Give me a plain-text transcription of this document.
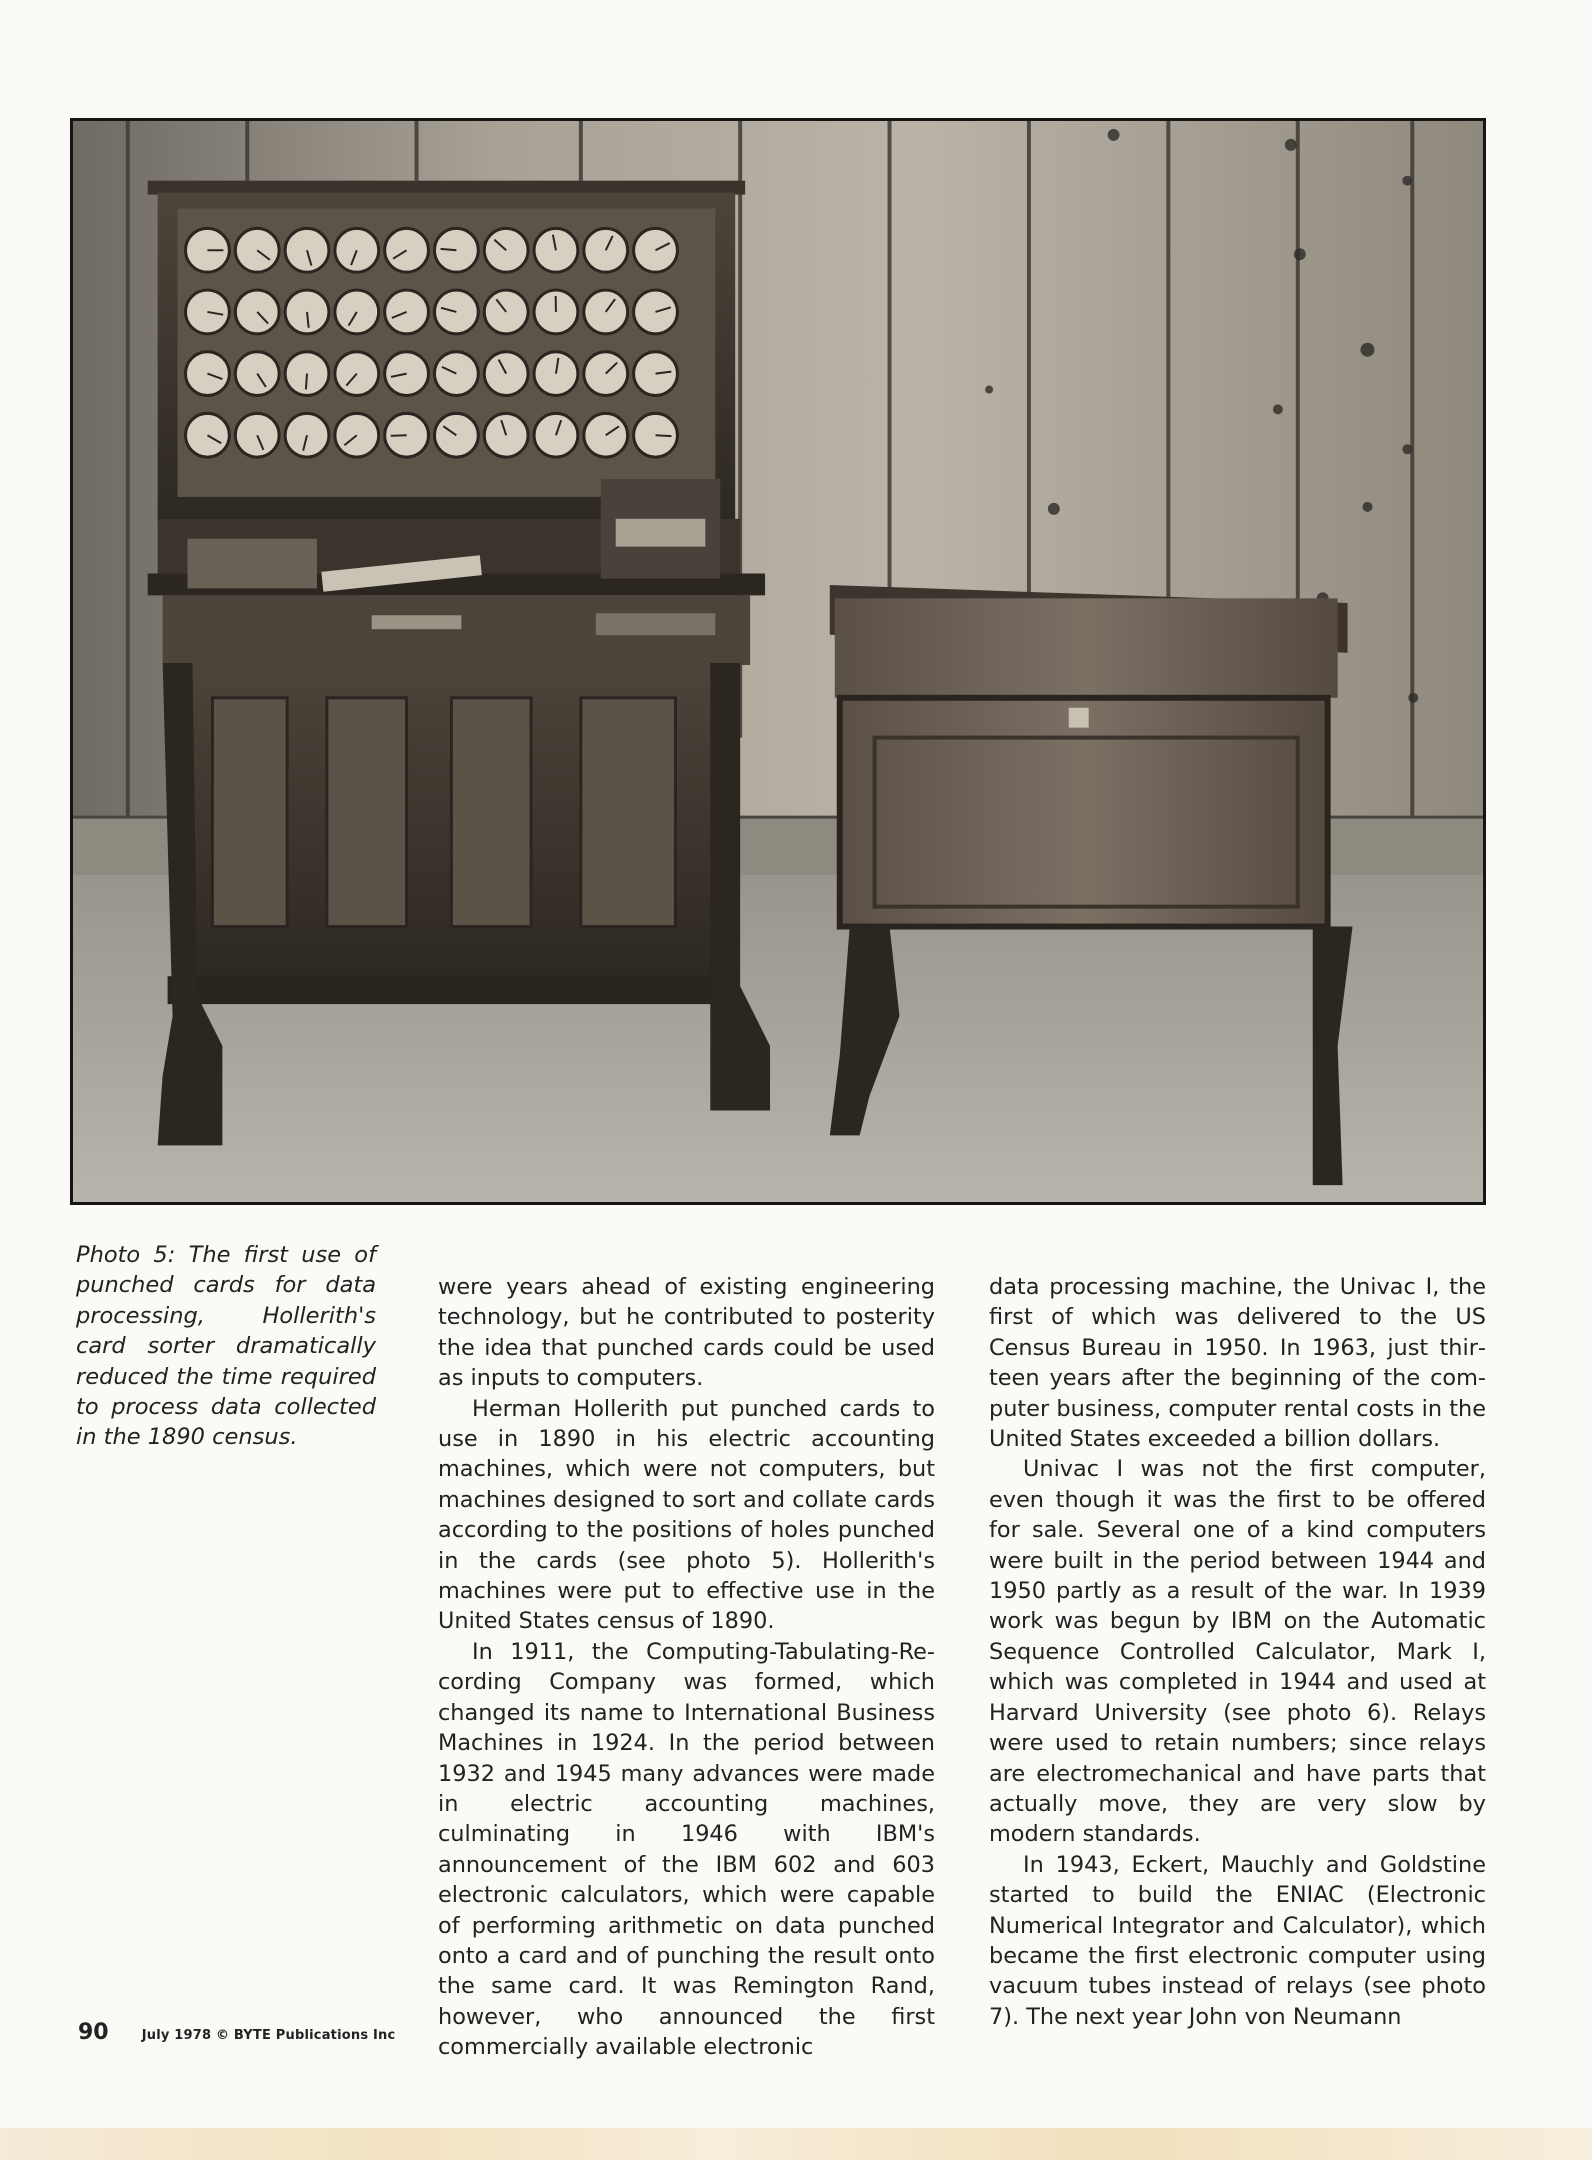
Photo 5: The first use of punched cards for data processing, Hollerith's card sorter dramatically reduced the time required to process data collected in the 1890 census.

were years ahead of existing engineering technology, but he contributed to posterity the idea that punched cards could be used as inputs to computers.

Herman Hollerith put punched cards to use in 1890 in his electric accounting machines, which were not computers, but machines designed to sort and collate cards according to the positions of holes punched in the cards (see photo 5). Hollerith's machines were put to effective use in the United States census of 1890.

In 1911, the Computing-Tabulating-Recording Company was formed, which changed its name to International Business Machines in 1924. In the period between 1932 and 1945 many advances were made in electric accounting machines, culminating in 1946 with IBM's announcement of the IBM 602 and 603 electronic calculators, which were capable of performing arithmetic on data punched onto a card and of punching the result onto the same card. It was Remington Rand, however, who announced the first commercially available electronic

data processing machine, the Univac I, the first of which was delivered to the US Census Bureau in 1950. In 1963, just thirteen years after the beginning of the computer business, computer rental costs in the United States exceeded a billion dollars.

Univac I was not the first computer, even though it was the first to be offered for sale. Several one of a kind computers were built in the period between 1944 and 1950 partly as a result of the war. In 1939 work was begun by IBM on the Automatic Sequence Controlled Calculator, Mark I, which was completed in 1944 and used at Harvard University (see photo 6). Relays were used to retain numbers; since relays are electromechanical and have parts that actually move, they are very slow by modern standards.

In 1943, Eckert, Mauchly and Goldstine started to build the ENIAC (Electronic Numerical Integrator and Calculator), which became the first electronic computer using vacuum tubes instead of relays (see photo 7). The next year John von Neumann

90	July 1978 © BYTE Publications Inc
